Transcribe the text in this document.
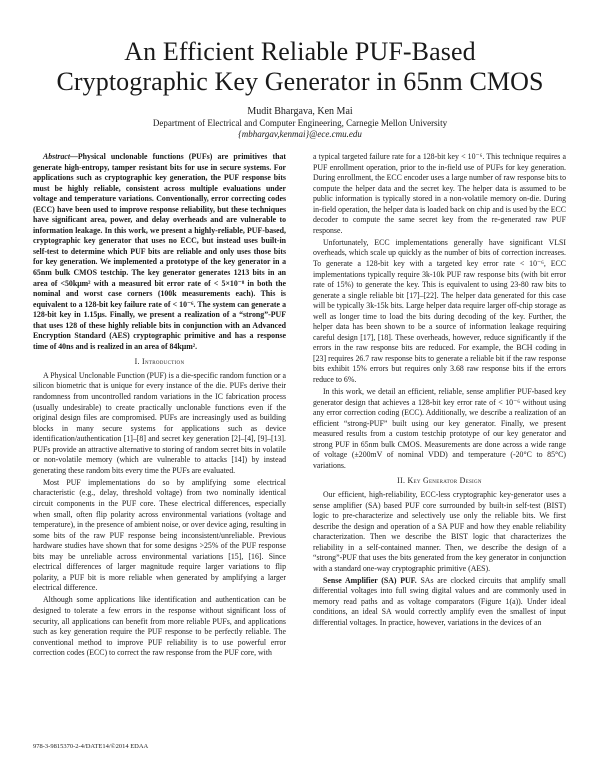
An Efficient Reliable PUF-Based
Cryptographic Key Generator in 65nm CMOS
Mudit Bhargava, Ken Mai
Department of Electrical and Computer Engineering, Carnegie Mellon University
{mbhargav,kenmai}@ece.cmu.edu

Abstract—Physical unclonable functions (PUFs) are primitives that generate high-entropy, tamper resistant bits for use in secure systems. For applications such as cryptographic key generation, the PUF response bits must be highly reliable, consistent across multiple evaluations under voltage and temperature variations. Conventionally, error correcting codes (ECC) have been used to improve response reliability, but these techniques have significant area, power, and delay overheads and are vulnerable to information leakage. In this work, we present a highly-reliable, PUF-based, cryptographic key generator that uses no ECC, but instead uses built-in self-test to determine which PUF bits are reliable and only uses those bits for key generation. We implemented a prototype of the key generator in a 65nm bulk CMOS testchip. The key generator generates 1213 bits in an area of <50kμm² with a measured bit error rate of < 5×10⁻⁸ in both the nominal and worst case corners (100k measurements each). This is equivalent to a 128-bit key failure rate of < 10⁻⁶. The system can generate a 128-bit key in 1.15μs. Finally, we present a realization of a “strong”-PUF that uses 128 of these highly reliable bits in conjunction with an Advanced Encryption Standard (AES) cryptographic primitive and has a response time of 40ns and is realized in an area of 84kμm².

I. Introduction

A Physical Unclonable Function (PUF) is a die-specific random function or a silicon biometric that is unique for every instance of the die. PUFs derive their randomness from uncontrolled random variations in the IC fabrication process (usually undesirable) to create practically unclonable functions even if the original design files are compromised. PUFs are increasingly used as building blocks in many secure systems for applications such as device identification/authentication [1]–[8] and secret key generation [2]–[4], [9]–[13]. PUFs provide an attractive alternative to storing of random secret bits in volatile or non-volatile memory (which are vulnerable to attacks [14]) by instead generating these random bits every time the PUFs are evaluated.

Most PUF implementations do so by amplifying some electrical characteristic (e.g., delay, threshold voltage) from two nominally identical circuit components in the PUF core. These electrical differences, especially when small, often flip polarity across environmental variations (voltage and temperature), in the presence of ambient noise, or over device aging, resulting in some bits of the raw PUF response being inconsistent/unreliable. Previous hardware studies have shown that for some designs >25% of the PUF response bits may be unreliable across environmental variations [15], [16]. Since electrical differences of larger magnitude require larger variations to flip polarity, a PUF bit is more reliable when generated by amplifying a larger electrical difference.

Although some applications like identification and authentication can be designed to tolerate a few errors in the response without significant loss of security, all applications can benefit from more reliable PUFs, and applications such as key generation require the PUF response to be perfectly reliable. The conventional method to improve PUF reliability is to use powerful error correction codes (ECC) to correct the raw response from the PUF core, with

a typical targeted failure rate for a 128-bit key < 10⁻⁶. This technique requires a PUF enrollment operation, prior to the in-field use of PUFs for key generation. During enrollment, the ECC encoder uses a large number of raw response bits to compute the helper data and the secret key. The helper data is assumed to be public information is typically stored in a non-volatile memory on-die. During in-field operation, the helper data is loaded back on chip and is used by the ECC decoder to compute the same secret key from the re-generated raw PUF response.

Unfortunately, ECC implementations generally have significant VLSI overheads, which scale up quickly as the number of bits of correction increases. To generate a 128-bit key with a targeted key error rate < 10⁻⁶, ECC implementations typically require 3k-10k PUF raw response bits (with bit error rate of 15%) to generate the key. This is equivalent to using 23-80 raw bits to generate a single reliable bit [17]–[22]. The helper data generated for this case will be typically 3k-15k bits. Large helper data require larger off-chip storage as well as longer time to load the bits during decoding of the key. Further, the helper data has been shown to be a source of information leakage requiring careful design [17], [18]. These overheads, however, reduce significantly if the errors in the raw response bits are reduced. For example, the BCH coding in [23] requires 26.7 raw response bits to generate a reliable bit if the raw response bits exhibit 15% errors but requires only 3.68 raw response bits if the errors reduce to 6%.

In this work, we detail an efficient, reliable, sense amplifier PUF-based key generator design that achieves a 128-bit key error rate of < 10⁻⁶ without using any error correction coding (ECC). Additionally, we describe a realization of an efficient “strong-PUF” built using our key generator. Finally, we present measured results from a custom testchip prototype of our key generator and strong PUF in 65nm bulk CMOS. Measurements are done across a wide range of voltage (±200mV of nominal VDD) and temperature (-20°C to 85°C) variations.

II. Key Generator Design

Our efficient, high-reliability, ECC-less cryptographic key-generator uses a sense amplifier (SA) based PUF core surrounded by built-in self-test (BIST) logic to pre-characterize and selectively use only the reliable bits. We first describe the design and operation of a SA PUF and how they enable reliability characterization. Then we describe the BIST logic that characterizes the reliability in a self-contained manner. Then, we describe the design of a “strong”-PUF that uses the bits generated from the key generator in conjunction with a standard one-way cryptographic primitive (AES).

Sense Amplifier (SA) PUF. SAs are clocked circuits that amplify small differential voltages into full swing digital values and are commonly used in memory read paths and as voltage comparators (Figure 1(a)). Under ideal conditions, an ideal SA would correctly amplify even the smallest of input differential voltages. In practice, however, variations in the devices of an

978-3-9815370-2-4/DATE14/©2014 EDAA
